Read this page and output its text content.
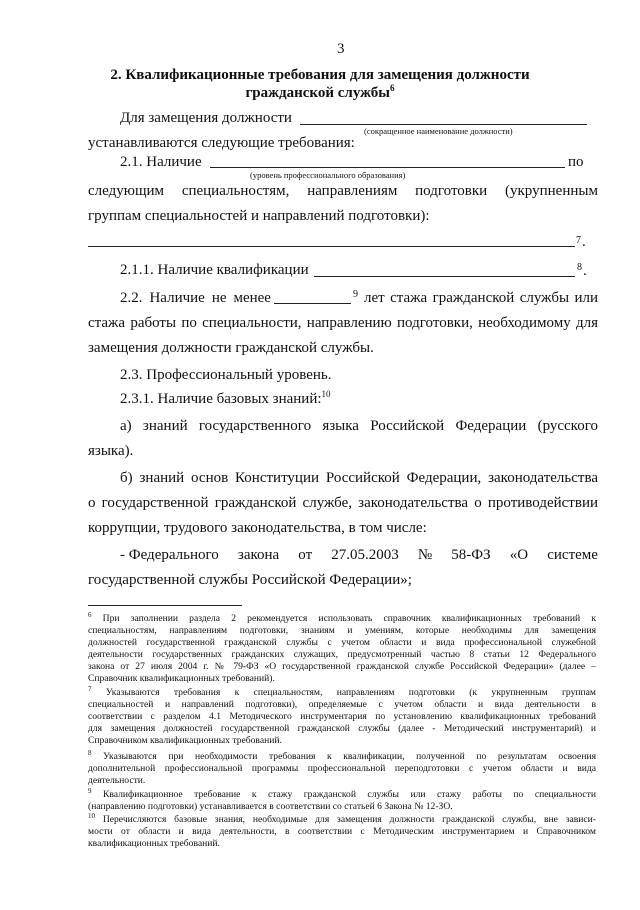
3
2. Квалификационные требования для замещения должности
гражданской службы$^6$
Для замещения должности
(сокращенное наименование должности)
устанавливаются следующие требования:
2.1. Наличие	по
(уровень профессионального образования)
следующим специальностям, направлениям подготовки (укрупненным
группам специальностей и направлений подготовки):
7 .
2.1.1. Наличие квалификации	8 .
2.2. Наличие не менее	9 лет стажа гражданской службы или
стажа работы по специальности, направлению подготовки, необходимому для
замещения должности гражданской службы.
2.3. Профессиональный уровень.
2.3.1. Наличие базовых знаний:$^{10}$
а) знаний государственного языка Российской Федерации (русского
языка).
б) знаний основ Конституции Российской Федерации, законодательства
о государственной гражданской службе, законодательства о противодействии
коррупции, трудового законодательства, в том числе:
- Федерального закона от 27.05.2003 № 58-ФЗ «О системе
государственной службы Российской Федерации»;
$^6$ При заполнении раздела 2 рекомендуется использовать справочник квалификационных требований к
специальностям, направлениям подготовки, знаниям и умениям, которые необходимы для замещения
должностей государственной гражданской службы с учетом области и вида профессиональной служебной
деятельности государственных гражданских служащих, предусмотренный частью 8 статьи 12 Федерального
закона от 27 июля 2004 г. № 79-ФЗ «О государственной гражданской службе Российской Федерации» (далее –
Справочник квалификационных требований).
$^7$ Указываются требования к специальностям, направлениям подготовки (к укрупненным группам
специальностей и направлений подготовки), определяемые с учетом области и вида деятельности в
соответствии с разделом 4.1 Методического инструментария по установлению квалификационных требований
для замещения должностей государственной гражданской службы (далее - Методический инструментарий) и
Справочником квалификационных требований.
$^8$ Указываются при необходимости требования к квалификации, полученной по результатам освоения
дополнительной профессиональной программы профессиональной переподготовки с учетом области и вида
деятельности.
$^9$ Квалификационное требование к стажу гражданской службы или стажу работы по специальности
(направлению подготовки) устанавливается в соответствии со статьей 6 Закона № 12-ЗО.
$^{10}$ Перечисляются базовые знания, необходимые для замещения должности гражданской службы, вне зависи-
мости от области и вида деятельности, в соответствии с Методическим инструментарием и Справочником
квалификационных требований.
